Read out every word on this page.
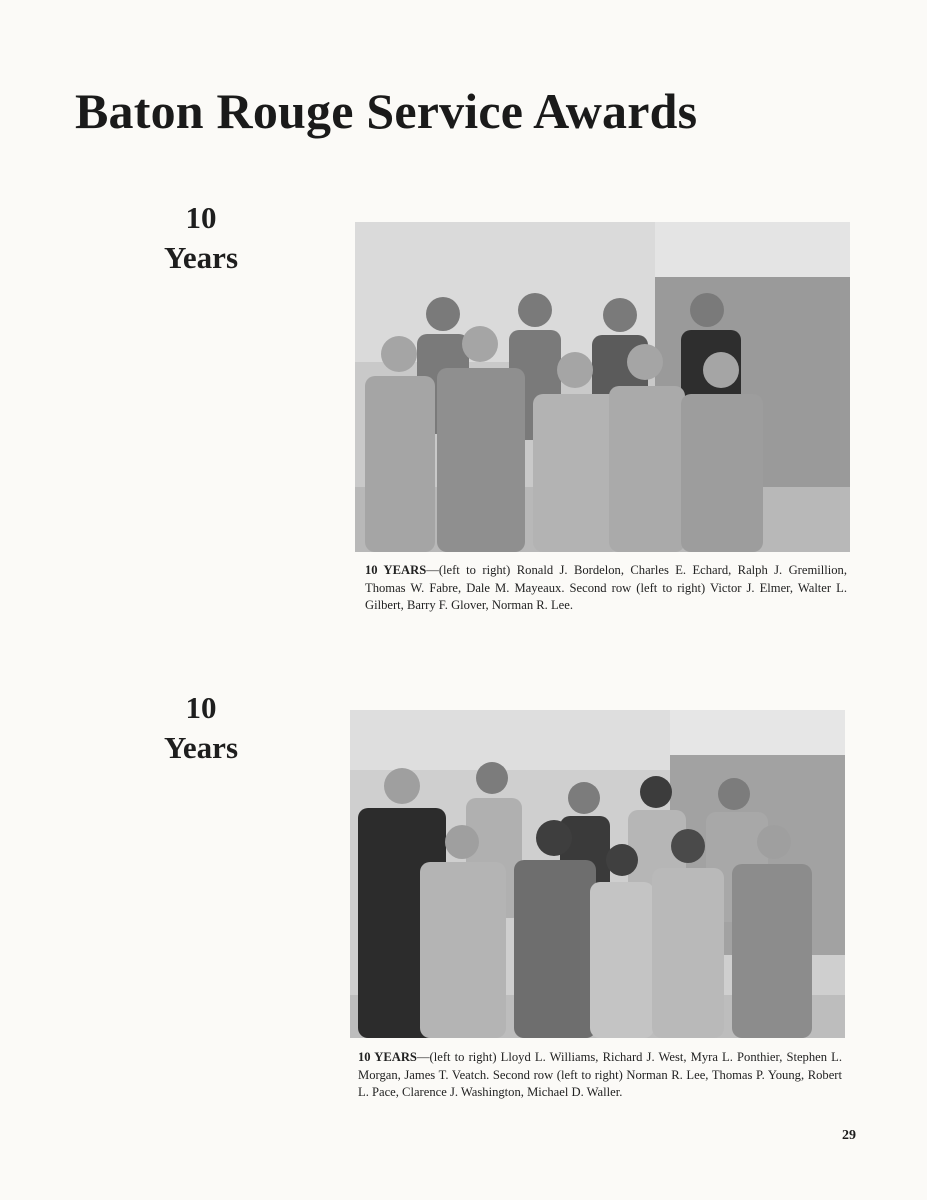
Baton Rouge Service Awards
10
Years
10 YEARS—(left to right) Ronald J. Bordelon, Charles E. Echard, Ralph J. Gremillion, Thomas W. Fabre, Dale M. Mayeaux. Second row (left to right) Victor J. Elmer, Walter L. Gilbert, Barry F. Glover, Norman R. Lee.
10
Years
10 YEARS—(left to right) Lloyd L. Williams, Richard J. West, Myra L. Ponthier, Stephen L. Morgan, James T. Veatch. Second row (left to right) Norman R. Lee, Thomas P. Young, Robert L. Pace, Clarence J. Washington, Michael D. Waller.
29
